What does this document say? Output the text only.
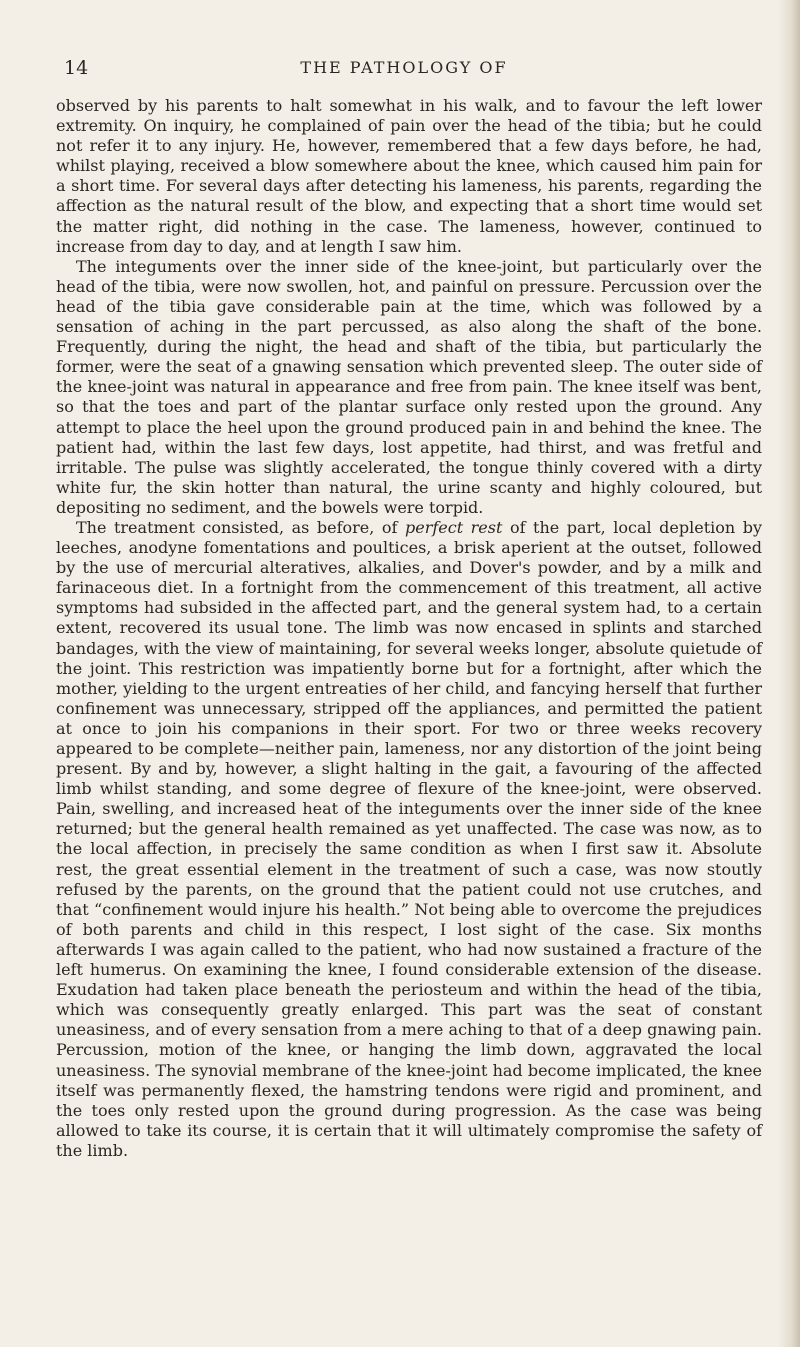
14	THE PATHOLOGY OF

observed by his parents to halt somewhat in his walk, and to favour the left lower extremity. On inquiry, he complained of pain over the head of the tibia; but he could not refer it to any injury. He, however, remembered that a few days before, he had, whilst playing, received a blow somewhere about the knee, which caused him pain for a short time. For several days after detecting his lameness, his parents, regarding the affection as the natural result of the blow, and expecting that a short time would set the matter right, did nothing in the case. The lameness, however, continued to increase from day to day, and at length I saw him.

The integuments over the inner side of the knee-joint, but particularly over the head of the tibia, were now swollen, hot, and painful on pressure. Percussion over the head of the tibia gave considerable pain at the time, which was followed by a sensation of aching in the part percussed, as also along the shaft of the bone. Frequently, during the night, the head and shaft of the tibia, but particularly the former, were the seat of a gnawing sensation which prevented sleep. The outer side of the knee-joint was natural in appearance and free from pain. The knee itself was bent, so that the toes and part of the plantar surface only rested upon the ground. Any attempt to place the heel upon the ground produced pain in and behind the knee. The patient had, within the last few days, lost appetite, had thirst, and was fretful and irritable. The pulse was slightly accelerated, the tongue thinly covered with a dirty white fur, the skin hotter than natural, the urine scanty and highly coloured, but depositing no sediment, and the bowels were torpid.

The treatment consisted, as before, of perfect rest of the part, local depletion by leeches, anodyne fomentations and poultices, a brisk aperient at the outset, followed by the use of mercurial alteratives, alkalies, and Dover's powder, and by a milk and farinaceous diet. In a fortnight from the commencement of this treatment, all active symptoms had subsided in the affected part, and the general system had, to a certain extent, recovered its usual tone. The limb was now encased in splints and starched bandages, with the view of maintaining, for several weeks longer, absolute quietude of the joint. This restriction was impatiently borne but for a fortnight, after which the mother, yielding to the urgent entreaties of her child, and fancying herself that further confinement was unnecessary, stripped off the appliances, and permitted the patient at once to join his companions in their sport. For two or three weeks recovery appeared to be complete—neither pain, lameness, nor any distortion of the joint being present. By and by, however, a slight halting in the gait, a favouring of the affected limb whilst standing, and some degree of flexure of the knee-joint, were observed. Pain, swelling, and increased heat of the integuments over the inner side of the knee returned; but the general health remained as yet unaffected. The case was now, as to the local affection, in precisely the same condition as when I first saw it. Absolute rest, the great essential element in the treatment of such a case, was now stoutly refused by the parents, on the ground that the patient could not use crutches, and that “confinement would injure his health.” Not being able to overcome the prejudices of both parents and child in this respect, I lost sight of the case. Six months afterwards I was again called to the patient, who had now sustained a fracture of the left humerus. On examining the knee, I found considerable extension of the disease. Exudation had taken place beneath the periosteum and within the head of the tibia, which was consequently greatly enlarged. This part was the seat of constant uneasiness, and of every sensation from a mere aching to that of a deep gnawing pain. Percussion, motion of the knee, or hanging the limb down, aggravated the local uneasiness. The synovial membrane of the knee-joint had become implicated, the knee itself was permanently flexed, the hamstring tendons were rigid and prominent, and the toes only rested upon the ground during progression. As the case was being allowed to take its course, it is certain that it will ultimately compromise the safety of the limb.
